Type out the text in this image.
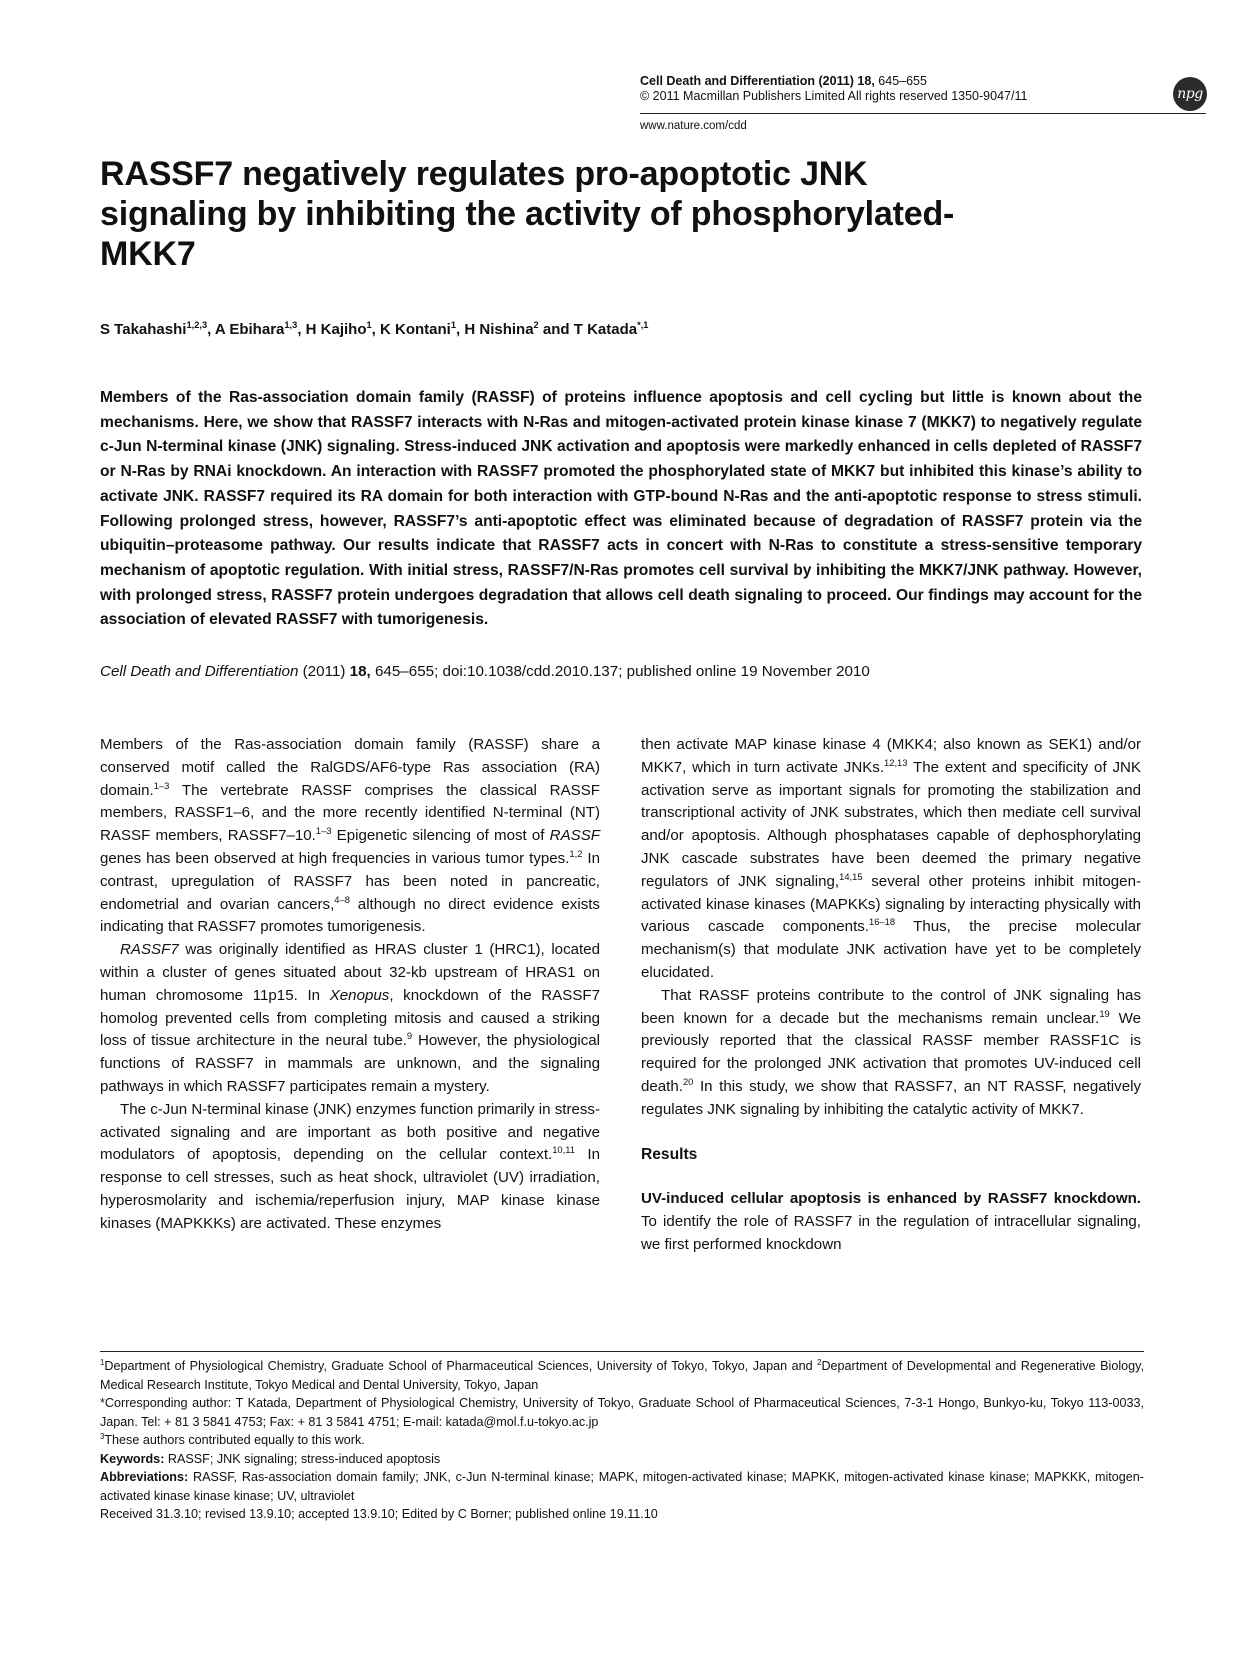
Cell Death and Differentiation (2011) 18, 645–655
© 2011 Macmillan Publishers Limited All rights reserved 1350-9047/11
www.nature.com/cdd
npg
RASSF7 negatively regulates pro-apoptotic JNK signaling by inhibiting the activity of phosphorylated-MKK7
S Takahashi$^{1,2,3}$, A Ebihara$^{1,3}$, H Kajiho$^1$, K Kontani$^1$, H Nishina$^2$ and T Katada$^{*,1}$
Members of the Ras-association domain family (RASSF) of proteins influence apoptosis and cell cycling but little is known about the mechanisms. Here, we show that RASSF7 interacts with N-Ras and mitogen-activated protein kinase kinase 7 (MKK7) to negatively regulate c-Jun N-terminal kinase (JNK) signaling. Stress-induced JNK activation and apoptosis were markedly enhanced in cells depleted of RASSF7 or N-Ras by RNAi knockdown. An interaction with RASSF7 promoted the phosphorylated state of MKK7 but inhibited this kinase’s ability to activate JNK. RASSF7 required its RA domain for both interaction with GTP-bound N-Ras and the anti-apoptotic response to stress stimuli. Following prolonged stress, however, RASSF7’s anti-apoptotic effect was eliminated because of degradation of RASSF7 protein via the ubiquitin–proteasome pathway. Our results indicate that RASSF7 acts in concert with N-Ras to constitute a stress-sensitive temporary mechanism of apoptotic regulation. With initial stress, RASSF7/N-Ras promotes cell survival by inhibiting the MKK7/JNK pathway. However, with prolonged stress, RASSF7 protein undergoes degradation that allows cell death signaling to proceed. Our findings may account for the association of elevated RASSF7 with tumorigenesis.
Cell Death and Differentiation (2011) 18, 645–655; doi:10.1038/cdd.2010.137; published online 19 November 2010

Members of the Ras-association domain family (RASSF) share a conserved motif called the RalGDS/AF6-type Ras association (RA) domain.$^{1-3}$ The vertebrate RASSF comprises the classical RASSF members, RASSF1–6, and the more recently identified N-terminal (NT) RASSF members, RASSF7–10.$^{1-3}$ Epigenetic silencing of most of RASSF genes has been observed at high frequencies in various tumor types.$^{1,2}$ In contrast, upregulation of RASSF7 has been noted in pancreatic, endometrial and ovarian cancers,$^{4-8}$ although no direct evidence exists indicating that RASSF7 promotes tumorigenesis.

RASSF7 was originally identified as HRAS cluster 1 (HRC1), located within a cluster of genes situated about 32-kb upstream of HRAS1 on human chromosome 11p15. In Xenopus, knockdown of the RASSF7 homolog prevented cells from completing mitosis and caused a striking loss of tissue architecture in the neural tube.$^9$ However, the physiological functions of RASSF7 in mammals are unknown, and the signaling pathways in which RASSF7 participates remain a mystery.

The c-Jun N-terminal kinase (JNK) enzymes function primarily in stress-activated signaling and are important as both positive and negative modulators of apoptosis, depending on the cellular context.$^{10,11}$ In response to cell stresses, such as heat shock, ultraviolet (UV) irradiation, hyperosmolarity and ischemia/reperfusion injury, MAP kinase kinase kinases (MAPKKKs) are activated. These enzymes

then activate MAP kinase kinase 4 (MKK4; also known as SEK1) and/or MKK7, which in turn activate JNKs.$^{12,13}$ The extent and specificity of JNK activation serve as important signals for promoting the stabilization and transcriptional activity of JNK substrates, which then mediate cell survival and/or apoptosis. Although phosphatases capable of dephosphorylating JNK cascade substrates have been deemed the primary negative regulators of JNK signaling,$^{14,15}$ several other proteins inhibit mitogen-activated kinase kinases (MAPKKs) signaling by interacting physically with various cascade components.$^{16-18}$ Thus, the precise molecular mechanism(s) that modulate JNK activation have yet to be completely elucidated.

That RASSF proteins contribute to the control of JNK signaling has been known for a decade but the mechanisms remain unclear.$^{19}$ We previously reported that the classical RASSF member RASSF1C is required for the prolonged JNK activation that promotes UV-induced cell death.$^{20}$ In this study, we show that RASSF7, an NT RASSF, negatively regulates JNK signaling by inhibiting the catalytic activity of MKK7.

Results

UV-induced cellular apoptosis is enhanced by RASSF7 knockdown. To identify the role of RASSF7 in the regulation of intracellular signaling, we first performed knockdown

$^1$Department of Physiological Chemistry, Graduate School of Pharmaceutical Sciences, University of Tokyo, Tokyo, Japan and $^2$Department of Developmental and Regenerative Biology, Medical Research Institute, Tokyo Medical and Dental University, Tokyo, Japan
*Corresponding author: T Katada, Department of Physiological Chemistry, University of Tokyo, Graduate School of Pharmaceutical Sciences, 7-3-1 Hongo, Bunkyo-ku, Tokyo 113-0033, Japan. Tel: + 81 3 5841 4753; Fax: + 81 3 5841 4751; E-mail: katada@mol.f.u-tokyo.ac.jp
$^3$These authors contributed equally to this work.
Keywords: RASSF; JNK signaling; stress-induced apoptosis
Abbreviations: RASSF, Ras-association domain family; JNK, c-Jun N-terminal kinase; MAPK, mitogen-activated kinase; MAPKK, mitogen-activated kinase kinase; MAPKKK, mitogen-activated kinase kinase kinase; UV, ultraviolet
Received 31.3.10; revised 13.9.10; accepted 13.9.10; Edited by C Borner; published online 19.11.10
